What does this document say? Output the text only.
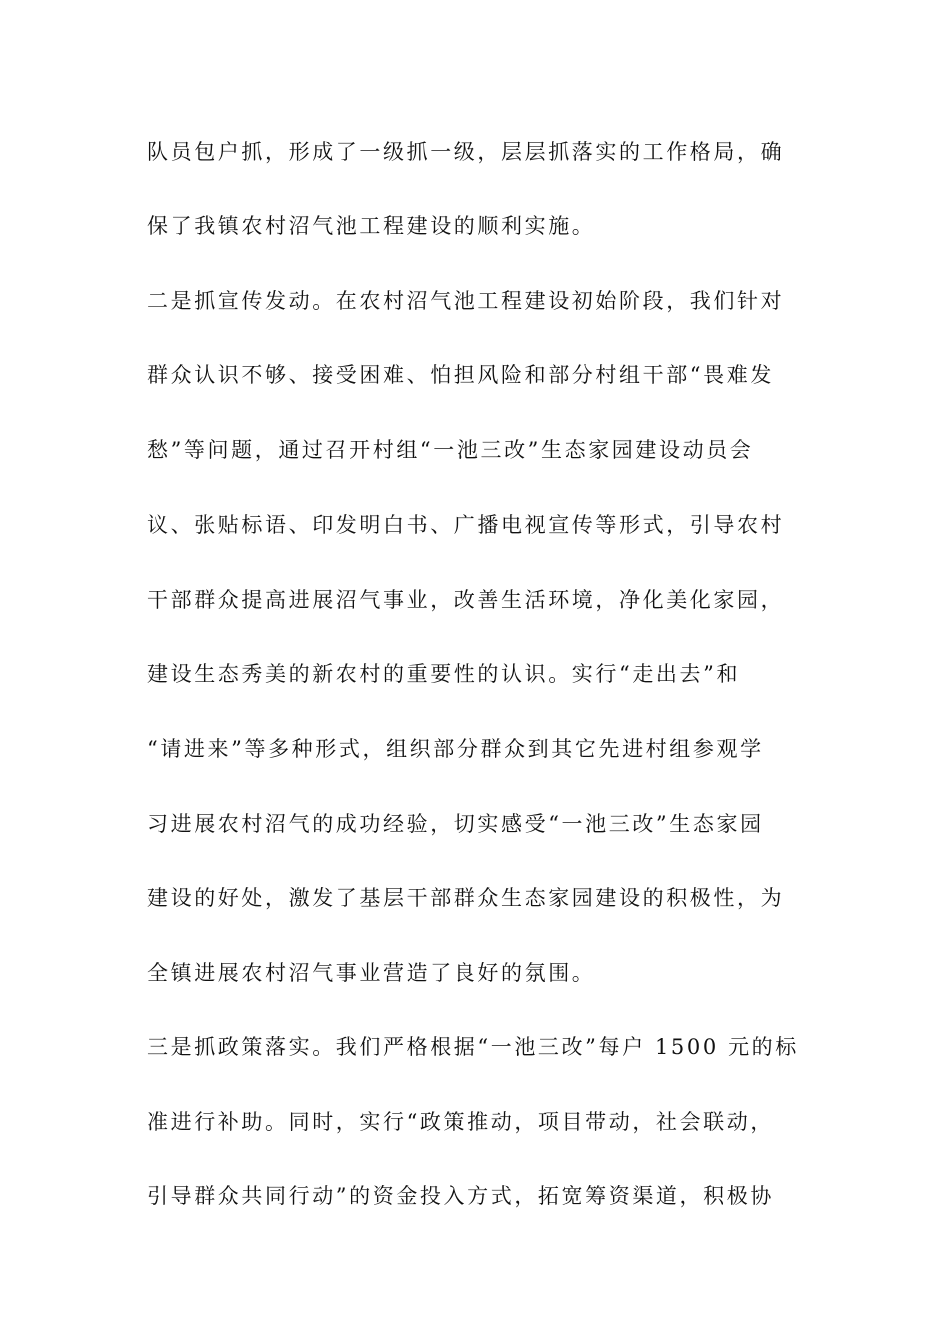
队员包户抓，形成了一级抓一级，层层抓落实的工作格局，确
保了我镇农村沼气池工程建设的顺利实施。
二是抓宣传发动。在农村沼气池工程建设初始阶段，我们针对
群众认识不够、接受困难、怕担风险和部分村组干部“畏难发
愁”等问题，通过召开村组“一池三改”生态家园建设动员会
议、张贴标语、印发明白书、广播电视宣传等形式，引导农村
干部群众提高进展沼气事业，改善生活环境，净化美化家园，
建设生态秀美的新农村的重要性的认识。实行“走出去”和
“请进来”等多种形式，组织部分群众到其它先进村组参观学
习进展农村沼气的成功经验，切实感受“一池三改”生态家园
建设的好处，激发了基层干部群众生态家园建设的积极性，为
全镇进展农村沼气事业营造了良好的氛围。
三是抓政策落实。我们严格根据“一池三改”每户 1500 元的标
准进行补助。同时，实行“政策推动，项目带动，社会联动，
引导群众共同行动”的资金投入方式，拓宽筹资渠道，积极协
